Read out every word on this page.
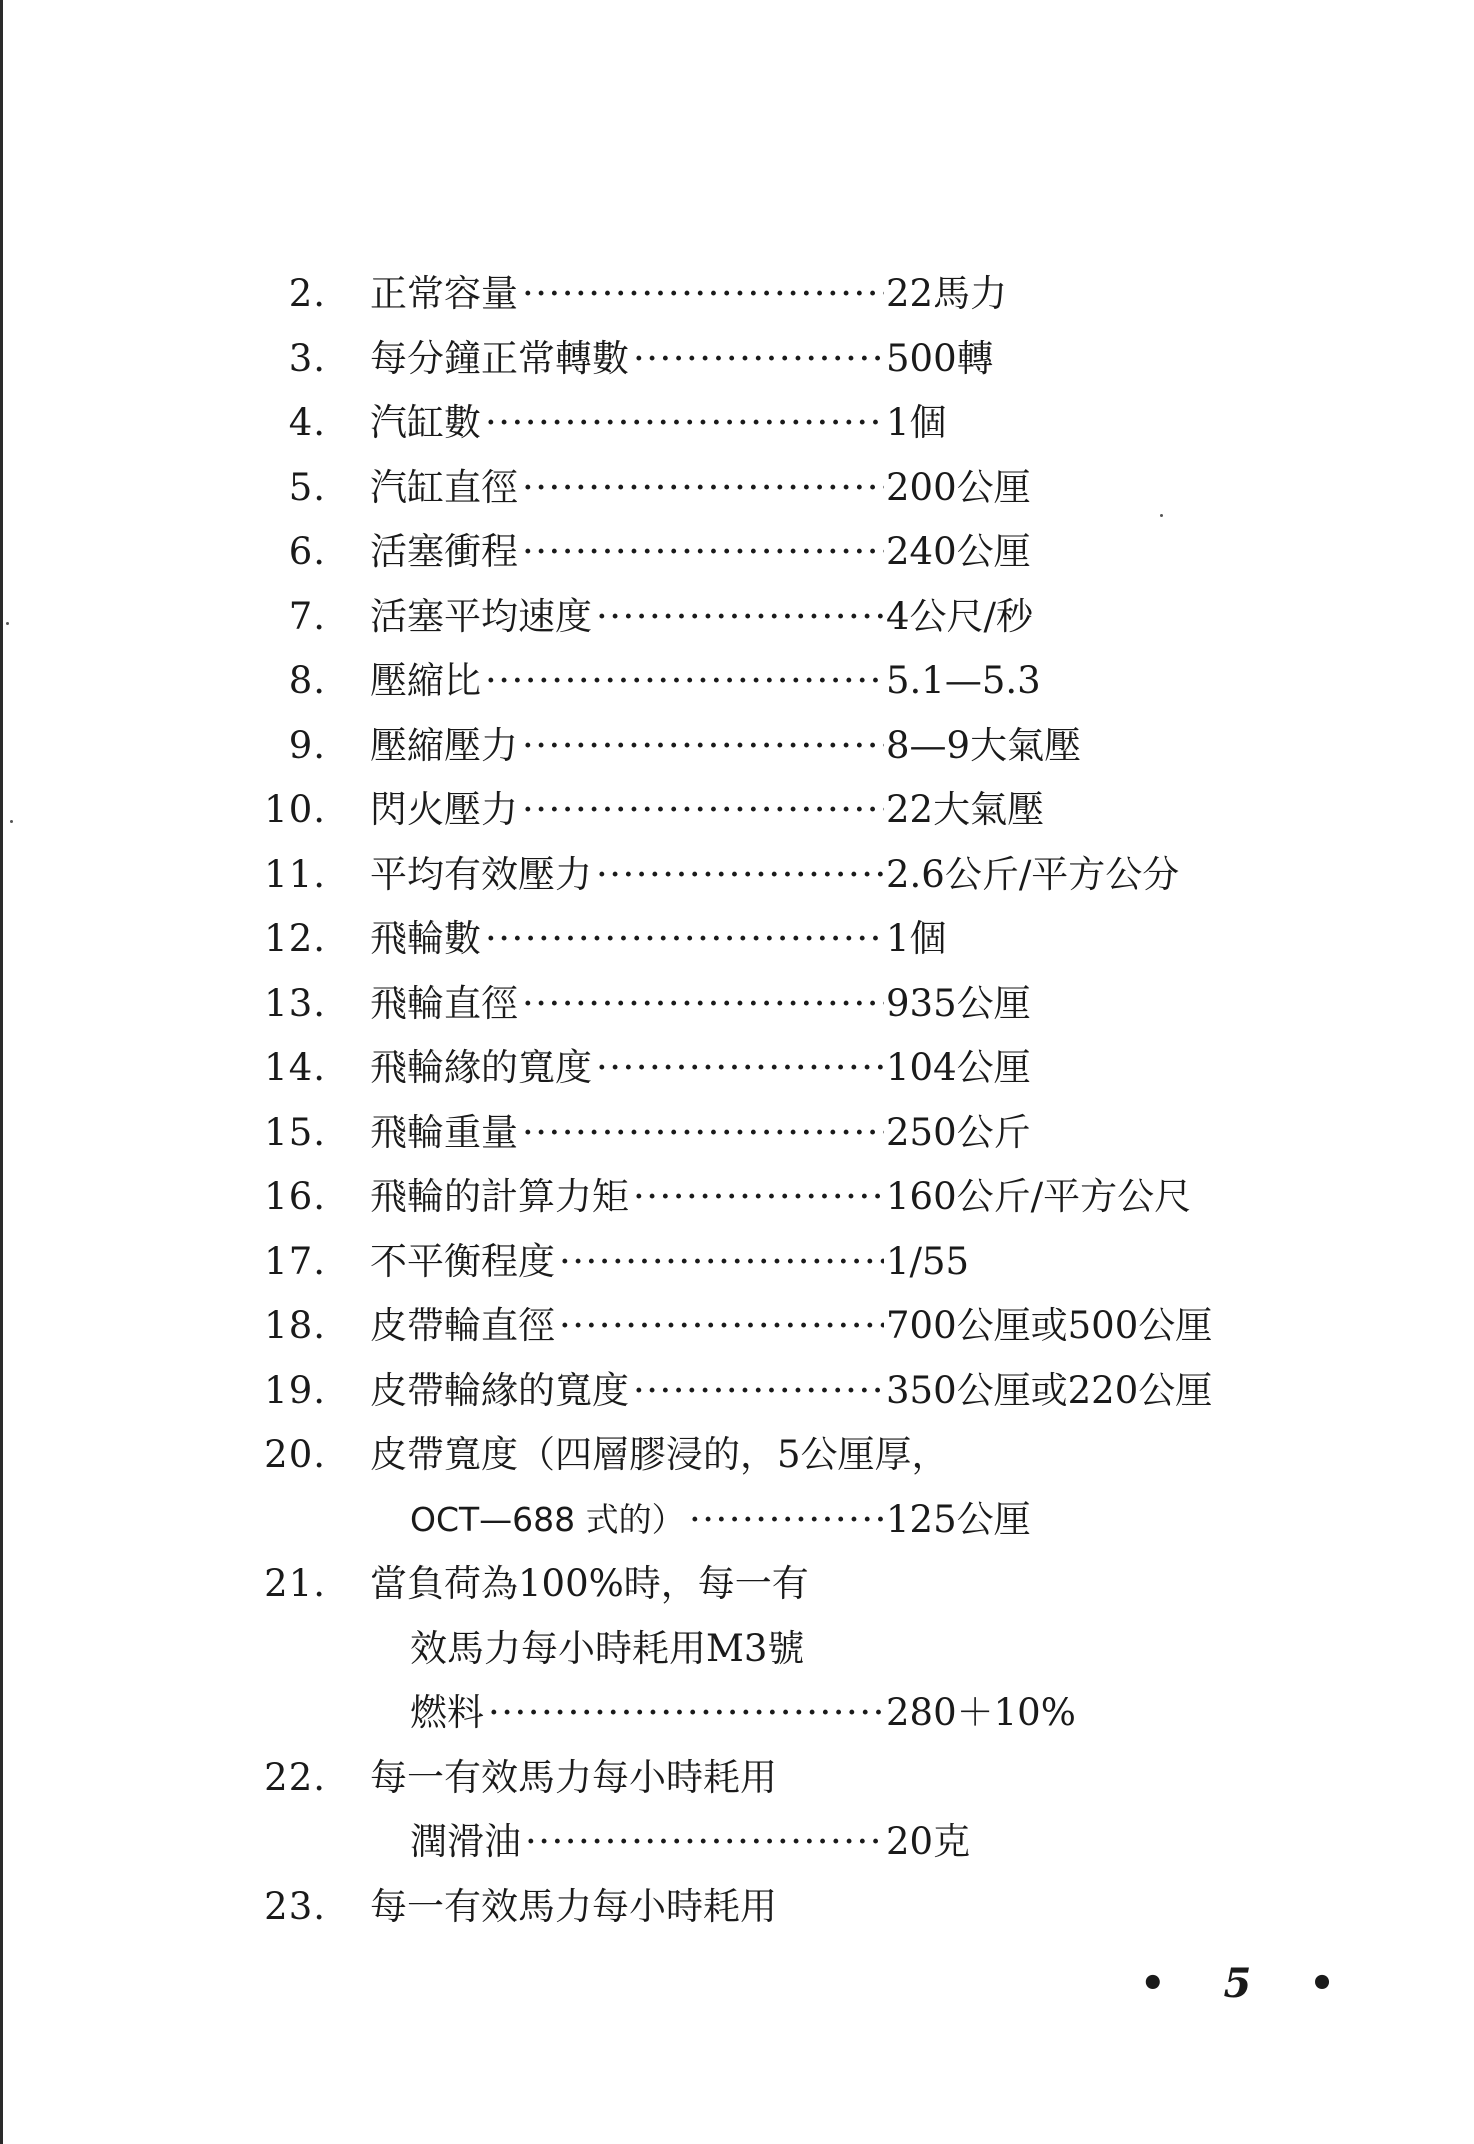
2. 正常容量 ·····	22馬力
3. 每分鐘正常轉數 ·····	500轉
4. 汽缸數 ·····	1個
5. 汽缸直徑 ·····	200公厘
6. 活塞衝程 ·····	240公厘
7. 活塞平均速度 ·····	4公尺/秒
8. 壓縮比 ·····	5.1—5.3
9. 壓縮壓力 ·····	8—9大氣壓
10. 閃火壓力 ·····	22大氣壓
11. 平均有效壓力 ·····	2.6公斤/平方公分
12. 飛輪數 ·····	1個
13. 飛輪直徑 ·····	935公厘
14. 飛輪緣的寬度 ·····	104公厘
15. 飛輪重量 ·····	250公斤
16. 飛輪的計算力矩 ·····	160公斤/平方公尺
17. 不平衡程度 ·····	1/55
18. 皮帶輪直徑 ·····	700公厘或500公厘
19. 皮帶輪緣的寬度 ·····	350公厘或220公厘
20. 皮帶寬度（四層膠浸的，5公厘厚，
OCT—688 式的） ·····	125公厘
21. 當負荷為100%時，每一有
效馬力每小時耗用M3號
燃料 ·····	280＋10%
22. 每一有效馬力每小時耗用
潤滑油 ·····	20克
23. 每一有效馬力每小時耗用
• 5 •
